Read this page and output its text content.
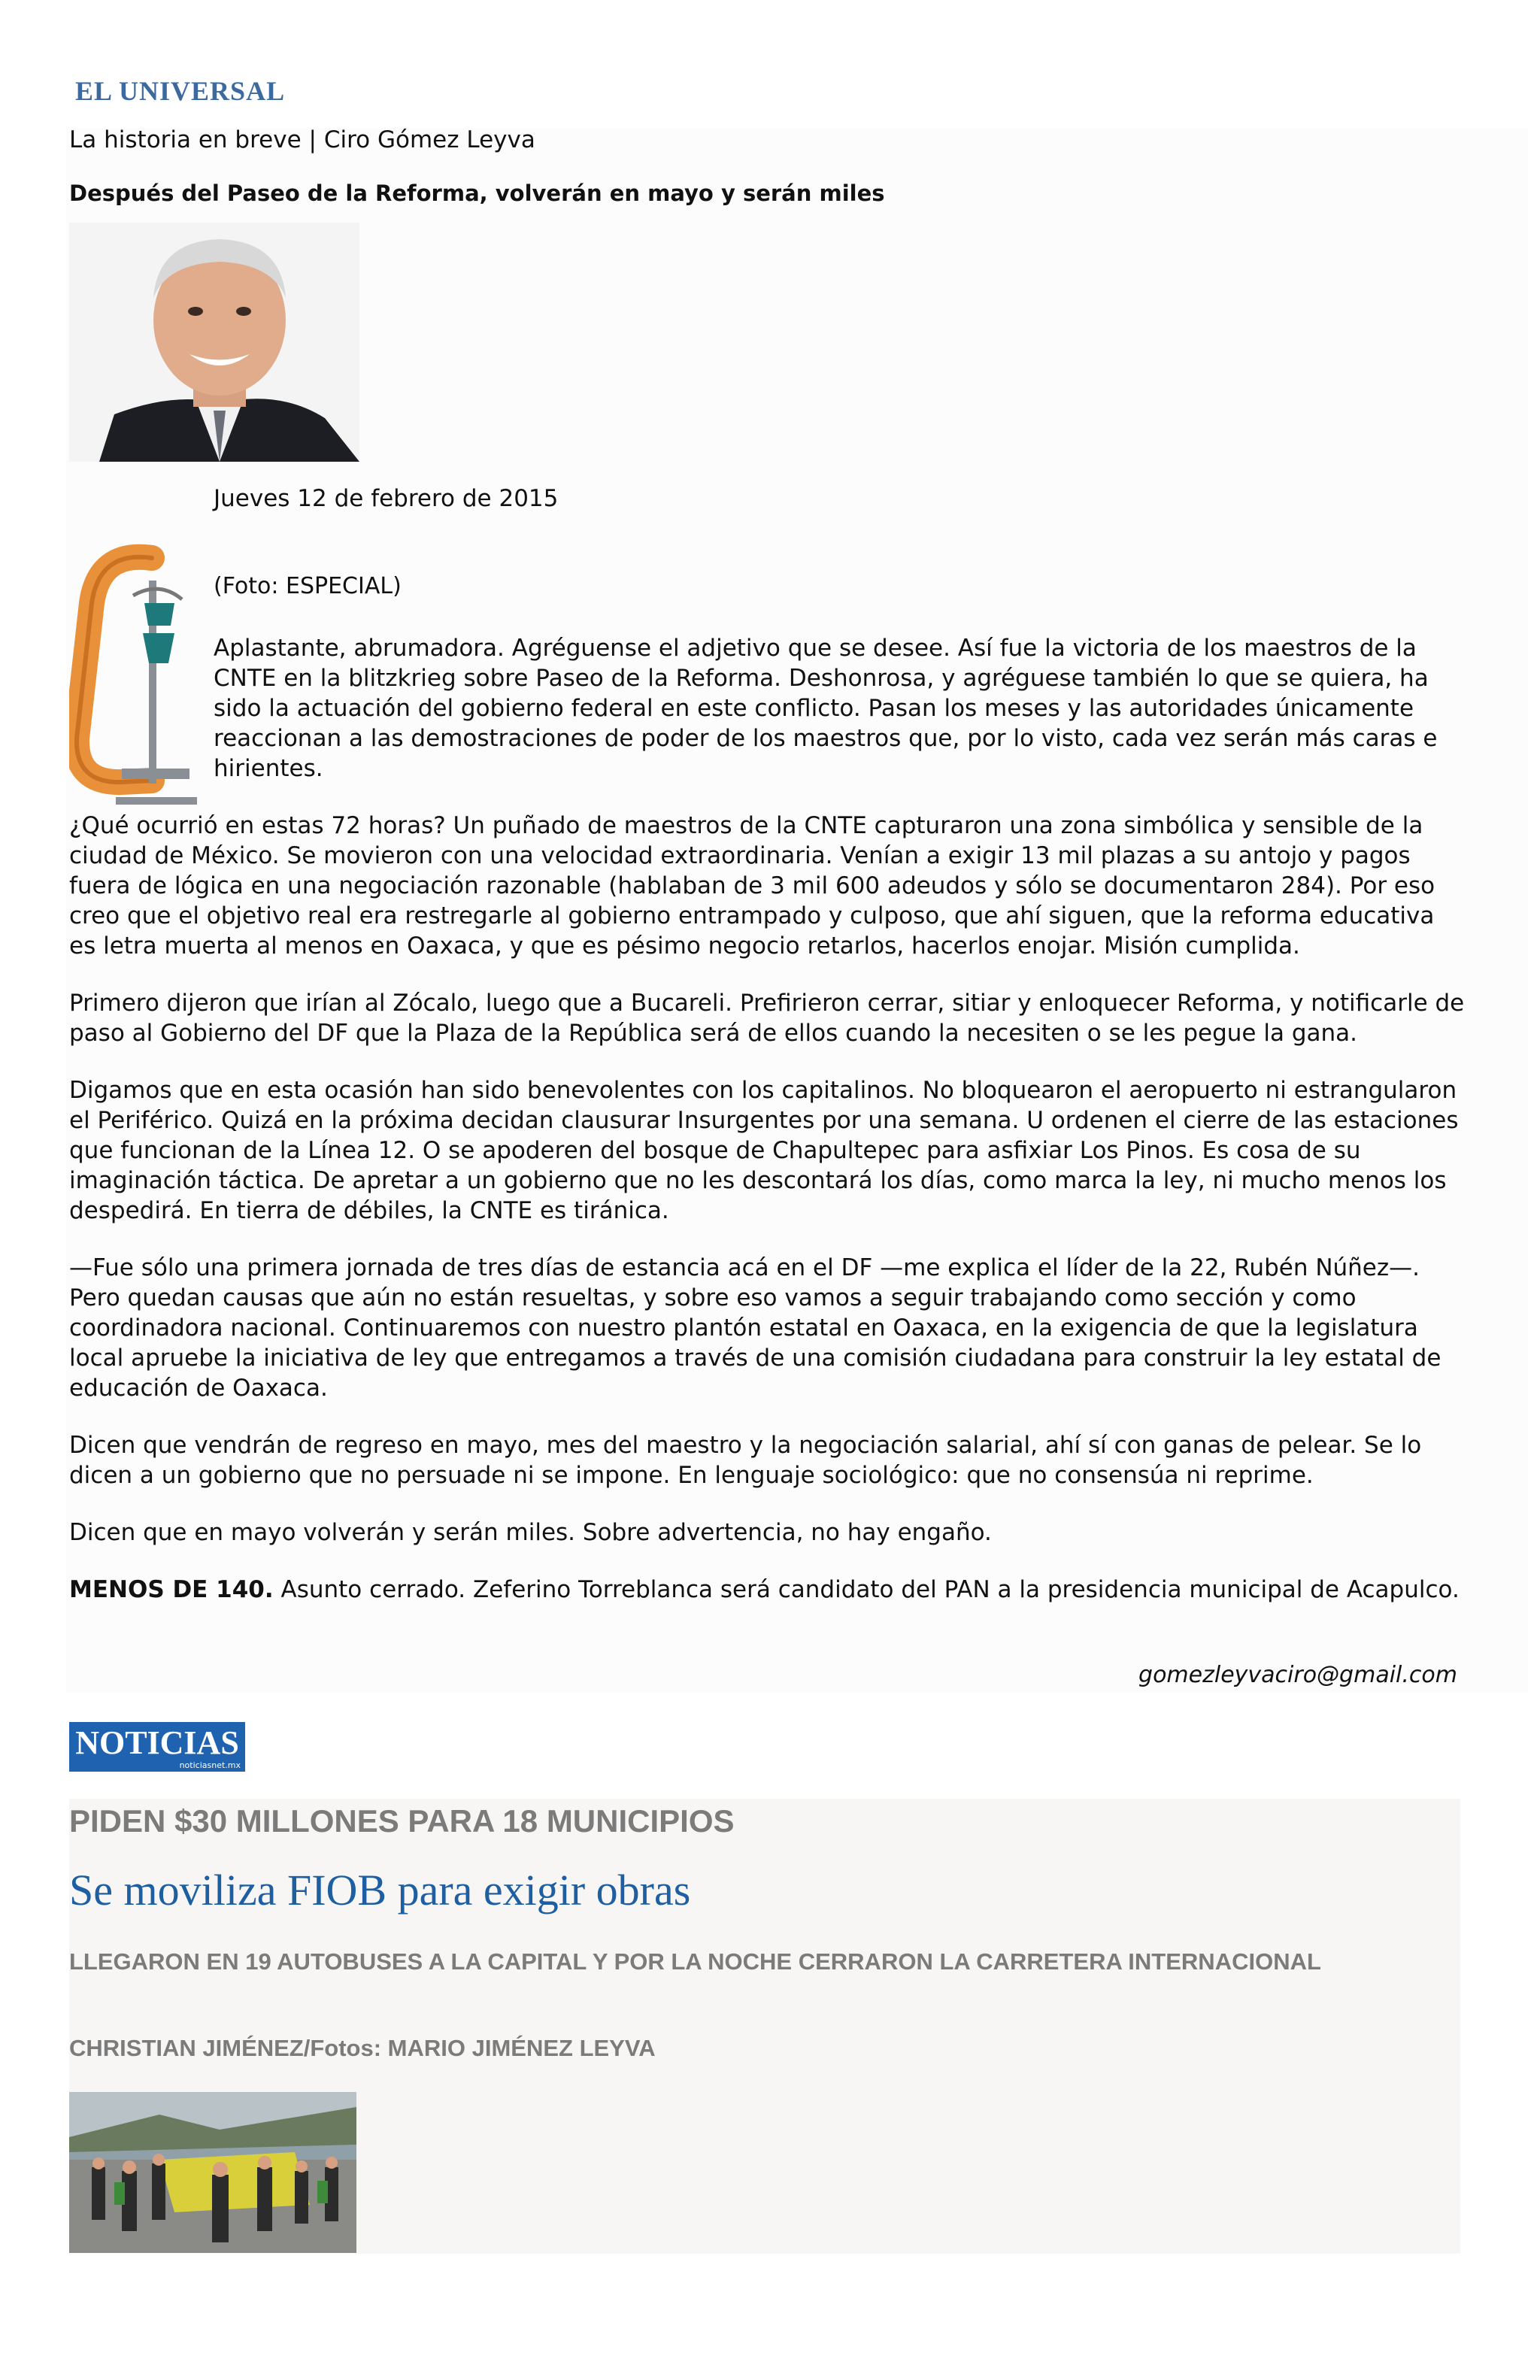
EL UNIVERSAL
La historia en breve | Ciro Gómez Leyva
Después del Paseo de la Reforma, volverán en mayo y serán miles
Jueves 12 de febrero de 2015
(Foto: ESPECIAL)

Aplastante, abrumadora. Agréguense el adjetivo que se desee. Así fue la victoria de los maestros de la CNTE en la blitzkrieg sobre Paseo de la Reforma. Deshonrosa, y agréguese también lo que se quiera, ha sido la actuación del gobierno federal en este conflicto. Pasan los meses y las autoridades únicamente reaccionan a las demostraciones de poder de los maestros que, por lo visto, cada vez serán más caras e hirientes.

¿Qué ocurrió en estas 72 horas? Un puñado de maestros de la CNTE capturaron una zona simbólica y sensible de la ciudad de México. Se movieron con una velocidad extraordinaria. Venían a exigir 13 mil plazas a su antojo y pagos fuera de lógica en una negociación razonable (hablaban de 3 mil 600 adeudos y sólo se documentaron 284). Por eso creo que el objetivo real era restregarle al gobierno entrampado y culposo, que ahí siguen, que la reforma educativa es letra muerta al menos en Oaxaca, y que es pésimo negocio retarlos, hacerlos enojar. Misión cumplida.

Primero dijeron que irían al Zócalo, luego que a Bucareli. Prefirieron cerrar, sitiar y enloquecer Reforma, y notificarle de paso al Gobierno del DF que la Plaza de la República será de ellos cuando la necesiten o se les pegue la gana.

Digamos que en esta ocasión han sido benevolentes con los capitalinos. No bloquearon el aeropuerto ni estrangularon el Periférico. Quizá en la próxima decidan clausurar Insurgentes por una semana. U ordenen el cierre de las estaciones que funcionan de la Línea 12. O se apoderen del bosque de Chapultepec para asfixiar Los Pinos. Es cosa de su imaginación táctica. De apretar a un gobierno que no les descontará los días, como marca la ley, ni mucho menos los despedirá. En tierra de débiles, la CNTE es tiránica.

—Fue sólo una primera jornada de tres días de estancia acá en el DF —me explica el líder de la 22, Rubén Núñez—. Pero quedan causas que aún no están resueltas, y sobre eso vamos a seguir trabajando como sección y como coordinadora nacional. Continuaremos con nuestro plantón estatal en Oaxaca, en la exigencia de que la legislatura local apruebe la iniciativa de ley que entregamos a través de una comisión ciudadana para construir la ley estatal de educación de Oaxaca.

Dicen que vendrán de regreso en mayo, mes del maestro y la negociación salarial, ahí sí con ganas de pelear. Se lo dicen a un gobierno que no persuade ni se impone. En lenguaje sociológico: que no consensúa ni reprime.

Dicen que en mayo volverán y serán miles. Sobre advertencia, no hay engaño.

MENOS DE 140. Asunto cerrado. Zeferino Torreblanca será candidato del PAN a la presidencia municipal de Acapulco.

gomezleyvaciro@gmail.com
NOTICIAS
noticiasnet.mx
PIDEN $30 MILLONES PARA 18 MUNICIPIOS
Se moviliza FIOB para exigir obras
LLEGARON EN 19 AUTOBUSES A LA CAPITAL Y POR LA NOCHE CERRARON LA CARRETERA INTERNACIONAL
CHRISTIAN JIMÉNEZ/Fotos: MARIO JIMÉNEZ LEYVA
